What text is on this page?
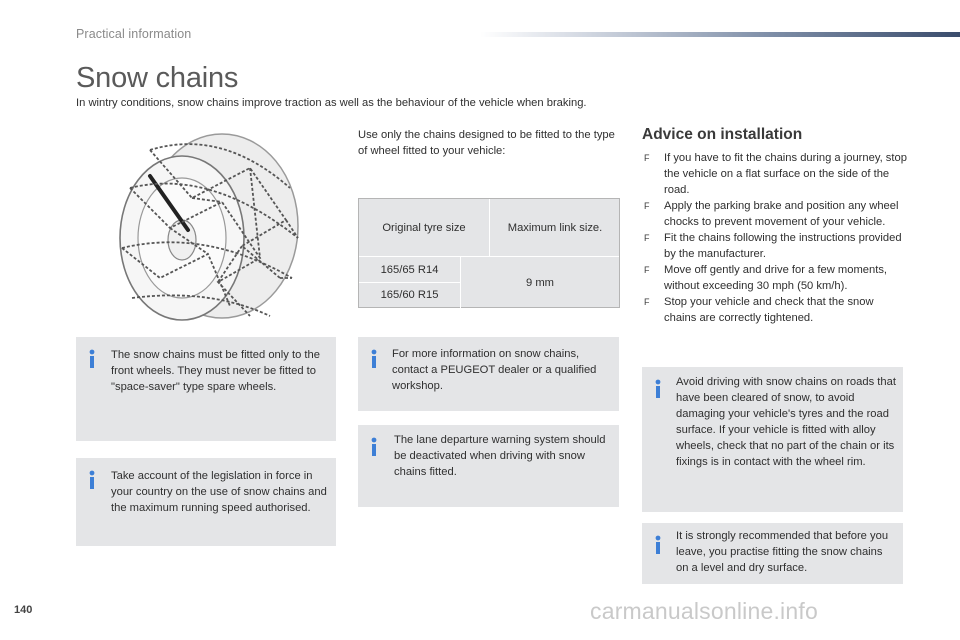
Practical information
Snow chains

In wintry conditions, snow chains improve traction as well as the behaviour of the vehicle when braking.

The snow chains must be fitted only to the front wheels. They must never be fitted to "space-saver" type spare wheels.
Take account of the legislation in force in your country on the use of snow chains and the maximum running speed authorised.

Use only the chains designed to be fitted to the type of wheel fitted to your vehicle:

Original tyre size	Maximum link size.
165/65 R14
165/60 R15
9 mm
For more information on snow chains, contact a PEUGEOT dealer or a qualified workshop.
The lane departure warning system should be deactivated when driving with snow chains fitted.
Advice on installation
F If you have to fit the chains during a journey, stop the vehicle on a flat surface on the side of the road.
F Apply the parking brake and position any wheel chocks to prevent movement of your vehicle.
F Fit the chains following the instructions provided by the manufacturer.
F Move off gently and drive for a few moments, without exceeding 30 mph (50 km/h).
F Stop your vehicle and check that the snow chains are correctly tightened.
Avoid driving with snow chains on roads that have been cleared of snow, to avoid damaging your vehicle's tyres and the road surface. If your vehicle is fitted with alloy wheels, check that no part of the chain or its fixings is in contact with the wheel rim.
It is strongly recommended that before you leave, you practise fitting the snow chains on a level and dry surface.
140	carmanualsonline.info
